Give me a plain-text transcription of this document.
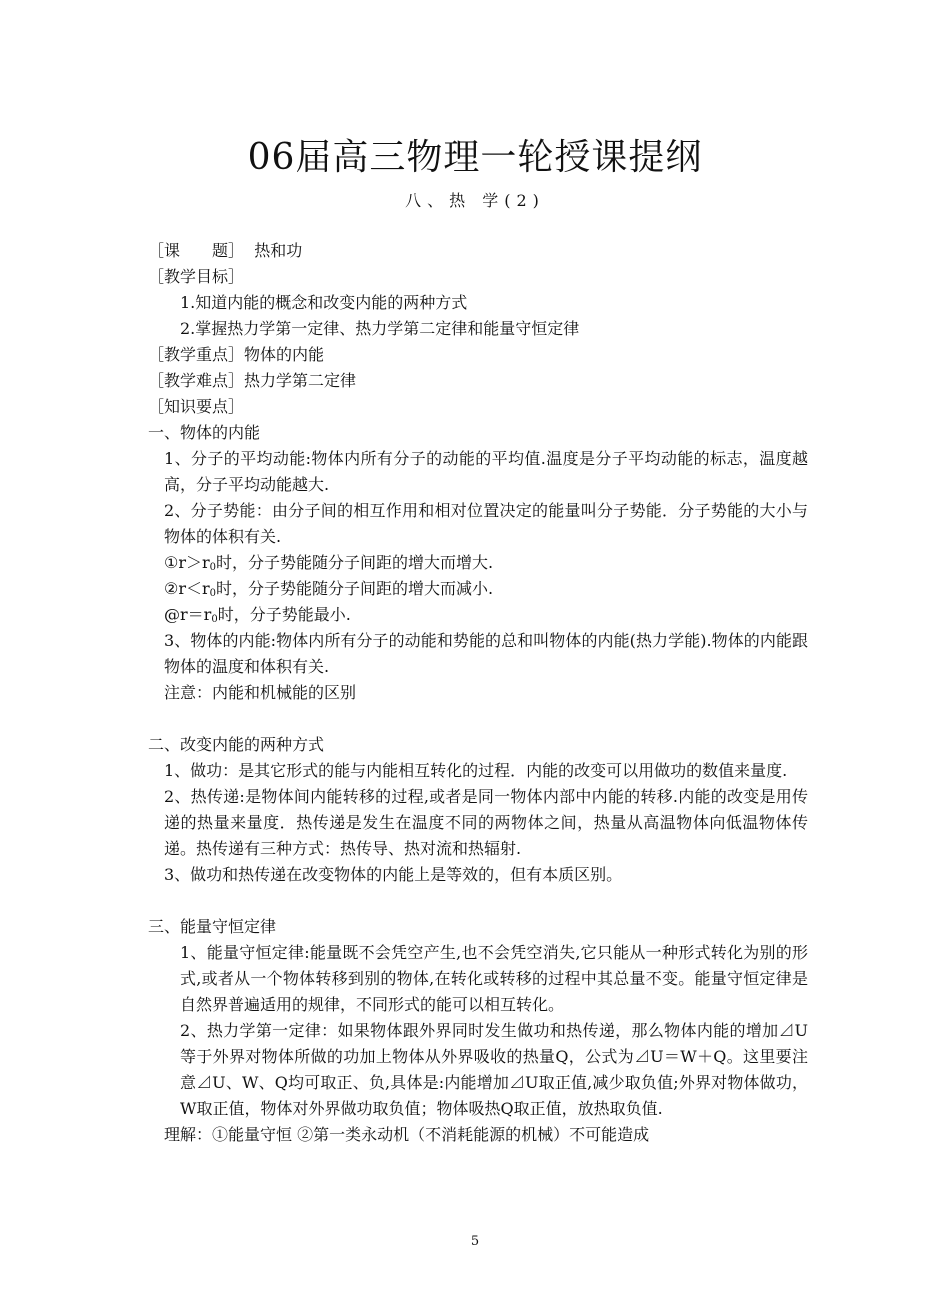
06届高三物理一轮授课提纲
八、热 学(2)
［课　　题］ 热和功
［教学目标］
1.知道内能的概念和改变内能的两种方式
2.掌握热力学第一定律、热力学第二定律和能量守恒定律
［教学重点］物体的内能
［教学难点］热力学第二定律
［知识要点］
一、物体的内能
1、分子的平均动能:物体内所有分子的动能的平均值.温度是分子平均动能的标志，温度越高，分子平均动能越大.
2、分子势能：由分子间的相互作用和相对位置决定的能量叫分子势能．分子势能的大小与物体的体积有关.
$①r>r_0$时，分子势能随分子间距的增大而增大.
$②r<r_0$时，分子势能随分子间距的增大而减小.
$@r=r_0$时，分子势能最小.
3、物体的内能:物体内所有分子的动能和势能的总和叫物体的内能(热力学能).物体的内能跟物体的温度和体积有关.
注意：内能和机械能的区别
二、改变内能的两种方式
1、做功：是其它形式的能与内能相互转化的过程．内能的改变可以用做功的数值来量度.
2、热传递:是物体间内能转移的过程,或者是同一物体内部中内能的转移.内能的改变是用传递的热量来量度．热传递是发生在温度不同的两物体之间，热量从高温物体向低温物体传递。热传递有三种方式：热传导、热对流和热辐射.
3、做功和热传递在改变物体的内能上是等效的，但有本质区别。
三、能量守恒定律
1、能量守恒定律:能量既不会凭空产生,也不会凭空消失,它只能从一种形式转化为别的形式,或者从一个物体转移到别的物体,在转化或转移的过程中其总量不变。能量守恒定律是自然界普遍适用的规律，不同形式的能可以相互转化。
2、热力学第一定律：如果物体跟外界同时发生做功和热传递，那么物体内能的增加⊿U等于外界对物体所做的功加上物体从外界吸收的热量Q，公式为⊿U＝W＋Q。这里要注意⊿U、W、Q均可取正、负,具体是:内能增加⊿U取正值,减少取负值;外界对物体做功，W取正值，物体对外界做功取负值；物体吸热Q取正值，放热取负值.
理解：①能量守恒 ②第一类永动机（不消耗能源的机械）不可能造成
5
